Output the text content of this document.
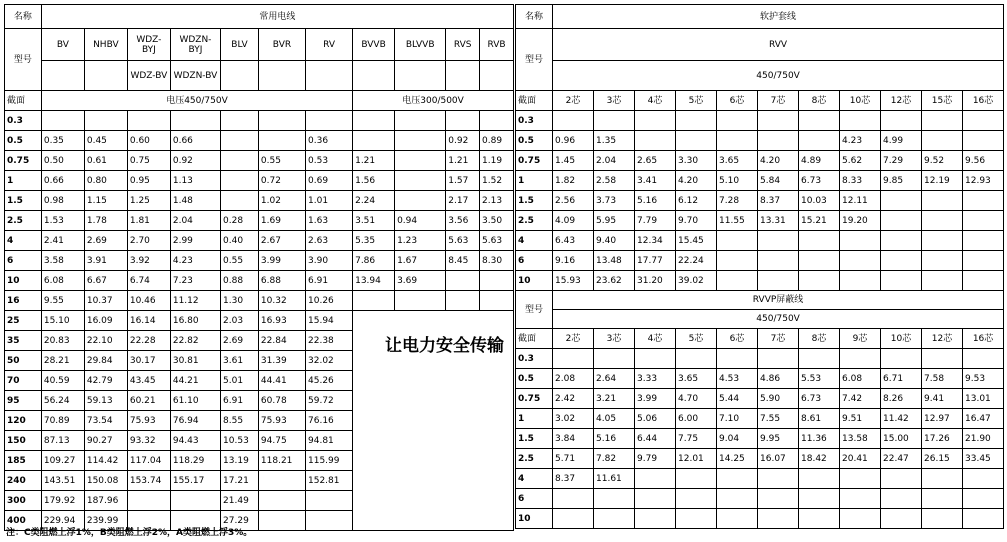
名称	常用电线										
型号	BV	NHBV	WDZ-BYJ	WDZN-BYJ	BLV	BVR	RV	BVVB	BLVVB	RVS	RVB
			WDZ-BV	WDZN-BV							
截面	电压450/750V							电压300/500V			
0.3											
0.5	0.35	0.45	0.60	0.66			0.36			0.92	0.89
0.75	0.50	0.61	0.75	0.92		0.55	0.53	1.21		1.21	1.19
1	0.66	0.80	0.95	1.13		0.72	0.69	1.56		1.57	1.52
1.5	0.98	1.15	1.25	1.48		1.02	1.01	2.24		2.17	2.13
2.5	1.53	1.78	1.81	2.04	0.28	1.69	1.63	3.51	0.94	3.56	3.50
4	2.41	2.69	2.70	2.99	0.40	2.67	2.63	5.35	1.23	5.63	5.63
6	3.58	3.91	3.92	4.23	0.55	3.99	3.90	7.86	1.67	8.45	8.30
10	6.08	6.67	6.74	7.23	0.88	6.88	6.91	13.94	3.69		
16	9.55	10.37	10.46	11.12	1.30	10.32	10.26				
25	15.10	16.09	16.14	16.80	2.03	16.93	15.94				
35	20.83	22.10	22.28	22.82	2.69	22.84	22.38				
50	28.21	29.84	30.17	30.81	3.61	31.39	32.02				
70	40.59	42.79	43.45	44.21	5.01	44.41	45.26				
95	56.24	59.13	60.21	61.10	6.91	60.78	59.72				
120	70.89	73.54	75.93	76.94	8.55	75.93	76.16				
150	87.13	90.27	93.32	94.43	10.53	94.75	94.81				
185	109.27	114.42	117.04	118.29	13.19	118.21	115.99				
240	143.51	150.08	153.74	155.17	17.21		152.81				
300	179.92	187.96			21.49						
400	229.94	239.99			27.29						
名称	软护套线										
型号	RVV										
	450/750V										
截面	2芯	3芯	4芯	5芯	6芯	7芯	8芯	10芯	12芯	15芯	16芯
0.3											
0.5	0.96	1.35						4.23	4.99		
0.75	1.45	2.04	2.65	3.30	3.65	4.20	4.89	5.62	7.29	9.52	9.56
1	1.82	2.58	3.41	4.20	5.10	5.84	6.73	8.33	9.85	12.19	12.93
1.5	2.56	3.73	5.16	6.12	7.28	8.37	10.03	12.11			
2.5	4.09	5.95	7.79	9.70	11.55	13.31	15.21	19.20			
4	6.43	9.40	12.34	15.45							
6	9.16	13.48	17.77	22.24							
10	15.93	23.62	31.20	39.02							
型号	RVVP屏蔽线										
	450/750V										
截面	2芯	3芯	4芯	5芯	6芯	7芯	8芯	9芯	10芯	12芯	16芯
0.3											
0.5	2.08	2.64	3.33	3.65	4.53	4.86	5.53	6.08	6.71	7.58	9.53
0.75	2.42	3.21	3.99	4.70	5.44	5.90	6.73	7.42	8.26	9.41	13.01
1	3.02	4.05	5.06	6.00	7.10	7.55	8.61	9.51	11.42	12.97	16.47
1.5	3.84	5.16	6.44	7.75	9.04	9.95	11.36	13.58	15.00	17.26	21.90
2.5	5.71	7.82	9.79	12.01	14.25	16.07	18.42	20.41	22.47	26.15	33.45
4	8.37	11.61									
6											
10											
让电力安全传输
注：C类阻燃上浮1%，B类阻燃上浮2%，A类阻燃上浮3%。
